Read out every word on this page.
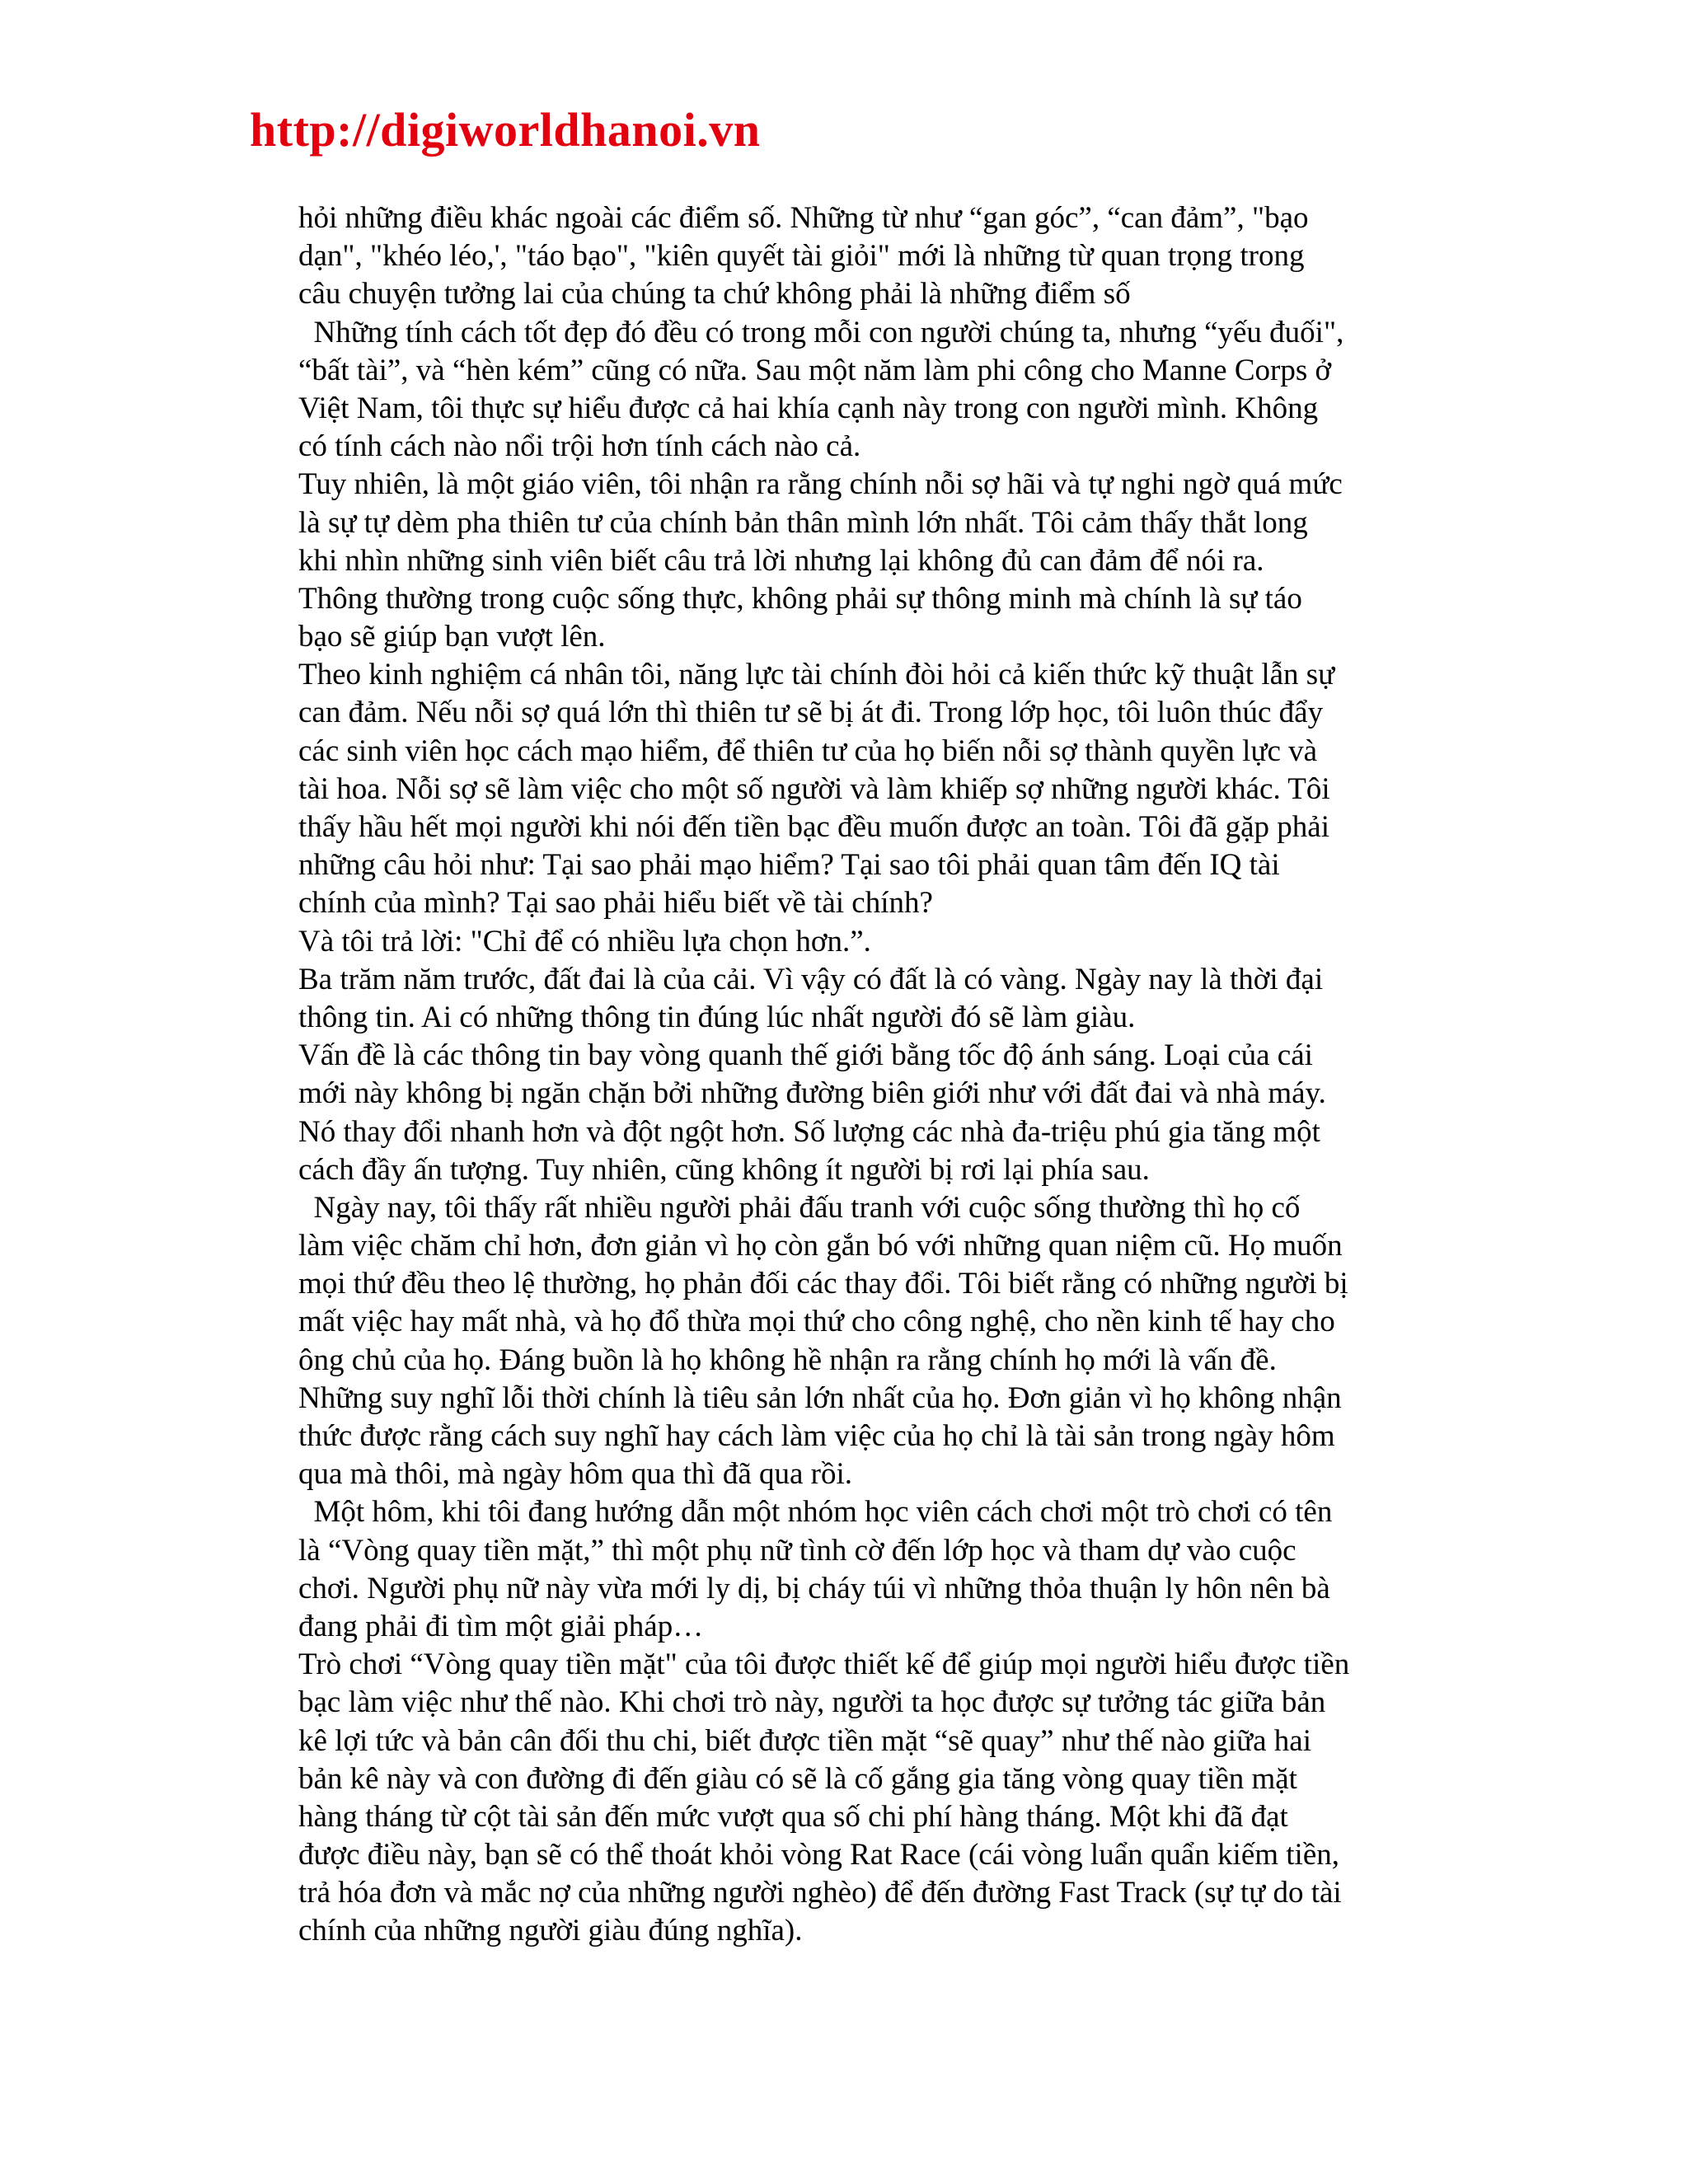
http://digiworldhanoi.vn
hỏi những điều khác ngoài các điểm số. Những từ như “gan góc”, “can đảm”, "bạo
dạn", "khéo léo,', "táo bạo", "kiên quyết tài giỏi" mới là những từ quan trọng trong
câu chuyện tưởng lai của chúng ta chứ không phải là những điểm số
Những tính cách tốt đẹp đó đều có trong mỗi con người chúng ta, nhưng “yếu đuối",
“bất tài”, và “hèn kém” cũng có nữa. Sau một năm làm phi công cho Manne Corps ở
Việt Nam, tôi thực sự hiểu được cả hai khía cạnh này trong con người mình. Không
có tính cách nào nổi trội hơn tính cách nào cả.
Tuy nhiên, là một giáo viên, tôi nhận ra rằng chính nỗi sợ hãi và tự nghi ngờ quá mức
là sự tự dèm pha thiên tư của chính bản thân mình lớn nhất. Tôi cảm thấy thắt long
khi nhìn những sinh viên biết câu trả lời nhưng lại không đủ can đảm để nói ra.
Thông thường trong cuộc sống thực, không phải sự thông minh mà chính là sự táo
bạo sẽ giúp bạn vượt lên.
Theo kinh nghiệm cá nhân tôi, năng lực tài chính đòi hỏi cả kiến thức kỹ thuật lẫn sự
can đảm. Nếu nỗi sợ quá lớn thì thiên tư sẽ bị át đi. Trong lớp học, tôi luôn thúc đẩy
các sinh viên học cách mạo hiểm, để thiên tư của họ biến nỗi sợ thành quyền lực và
tài hoa. Nỗi sợ sẽ làm việc cho một số người và làm khiếp sợ những người khác. Tôi
thấy hầu hết mọi người khi nói đến tiền bạc đều muốn được an toàn. Tôi đã gặp phải
những câu hỏi như: Tại sao phải mạo hiểm? Tại sao tôi phải quan tâm đến IQ tài
chính của mình? Tại sao phải hiểu biết về tài chính?
Và tôi trả lời: "Chỉ để có nhiều lựa chọn hơn.”.
Ba trăm năm trước, đất đai là của cải. Vì vậy có đất là có vàng. Ngày nay là thời đại
thông tin. Ai có những thông tin đúng lúc nhất người đó sẽ làm giàu.
Vấn đề là các thông tin bay vòng quanh thế giới bằng tốc độ ánh sáng. Loại của cái
mới này không bị ngăn chặn bởi những đường biên giới như với đất đai và nhà máy.
Nó thay đổi nhanh hơn và đột ngột hơn. Số lượng các nhà đa-triệu phú gia tăng một
cách đầy ấn tượng. Tuy nhiên, cũng không ít người bị rơi lại phía sau.
Ngày nay, tôi thấy rất nhiều người phải đấu tranh với cuộc sống thường thì họ cố
làm việc chăm chỉ hơn, đơn giản vì họ còn gắn bó với những quan niệm cũ. Họ muốn
mọi thứ đều theo lệ thường, họ phản đối các thay đổi. Tôi biết rằng có những người bị
mất việc hay mất nhà, và họ đổ thừa mọi thứ cho công nghệ, cho nền kinh tế hay cho
ông chủ của họ. Đáng buồn là họ không hề nhận ra rằng chính họ mới là vấn đề.
Những suy nghĩ lỗi thời chính là tiêu sản lớn nhất của họ. Đơn giản vì họ không nhận
thức được rằng cách suy nghĩ hay cách làm việc của họ chỉ là tài sản trong ngày hôm
qua mà thôi, mà ngày hôm qua thì đã qua rồi.
Một hôm, khi tôi đang hướng dẫn một nhóm học viên cách chơi một trò chơi có tên
là “Vòng quay tiền mặt,” thì một phụ nữ tình cờ đến lớp học và tham dự vào cuộc
chơi. Người phụ nữ này vừa mới ly dị, bị cháy túi vì những thỏa thuận ly hôn nên bà
đang phải đi tìm một giải pháp…
Trò chơi “Vòng quay tiền mặt" của tôi được thiết kế để giúp mọi người hiểu được tiền
bạc làm việc như thế nào. Khi chơi trò này, người ta học được sự tưởng tác giữa bản
kê lợi tức và bản cân đối thu chi, biết được tiền mặt “sẽ quay” như thế nào giữa hai
bản kê này và con đường đi đến giàu có sẽ là cố gắng gia tăng vòng quay tiền mặt
hàng tháng từ cột tài sản đến mức vượt qua số chi phí hàng tháng. Một khi đã đạt
được điều này, bạn sẽ có thể thoát khỏi vòng Rat Race (cái vòng luẩn quẩn kiếm tiền,
trả hóa đơn và mắc nợ của những người nghèo) để đến đường Fast Track (sự tự do tài
chính của những người giàu đúng nghĩa).
